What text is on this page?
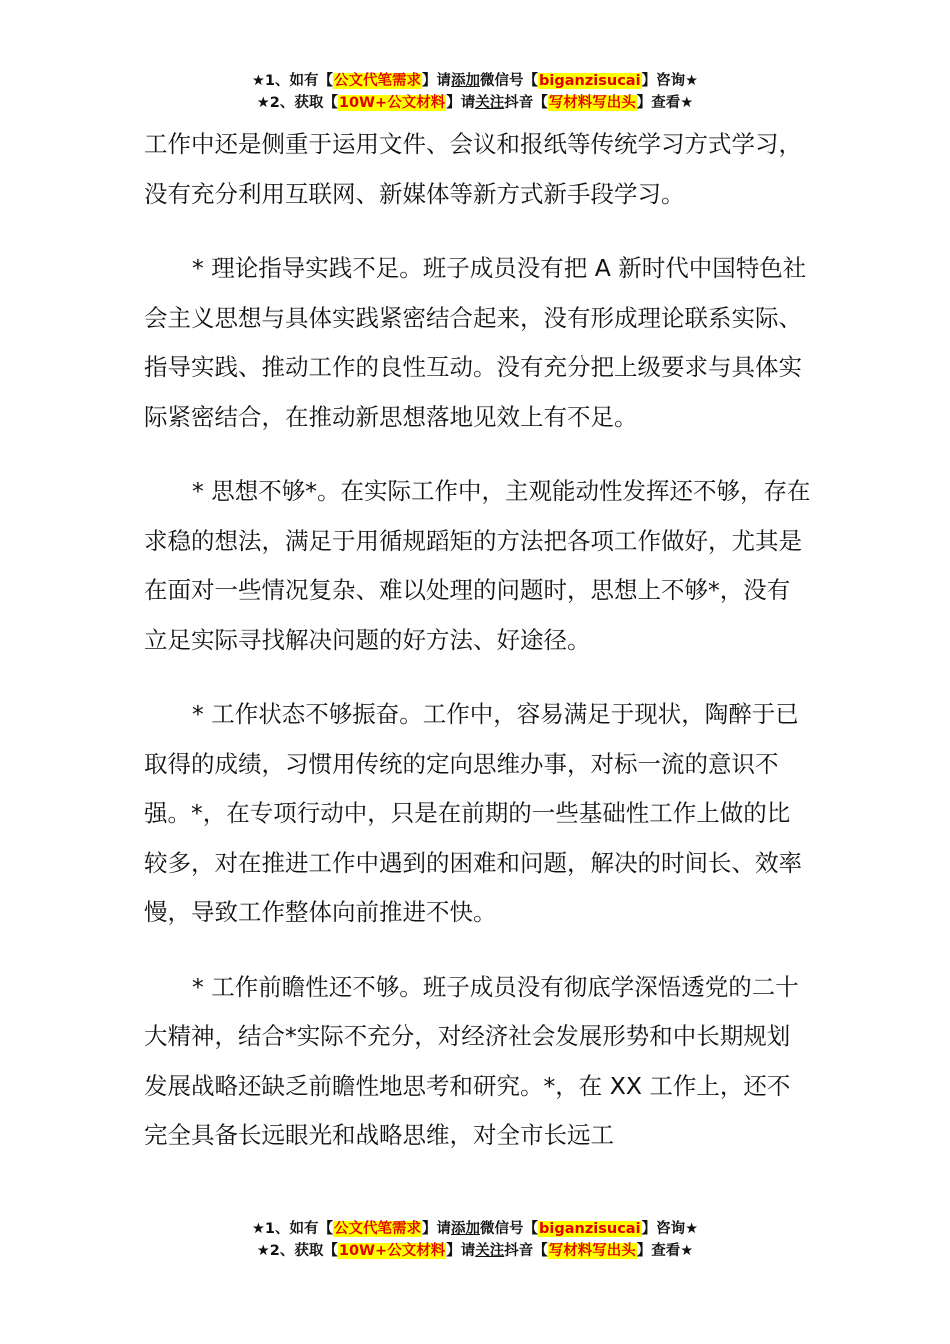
★1、如有【公文代笔需求】请添加微信号【biganzisucai】咨询★
★2、获取【10W+公文材料】请关注抖音【写材料写出头】查看★

工作中还是侧重于运用文件、会议和报纸等传统学习方式学习，没有充分利用互联网、新媒体等新方式新手段学习。

* 理论指导实践不足。班子成员没有把 A 新时代中国特色社会主义思想与具体实践紧密结合起来，没有形成理论联系实际、指导实践、推动工作的良性互动。没有充分把上级要求与具体实际紧密结合，在推动新思想落地见效上有不足。

* 思想不够*。在实际工作中，主观能动性发挥还不够，存在求稳的想法，满足于用循规蹈矩的方法把各项工作做好，尤其是在面对一些情况复杂、难以处理的问题时，思想上不够*，没有立足实际寻找解决问题的好方法、好途径。

* 工作状态不够振奋。工作中，容易满足于现状，陶醉于已取得的成绩，习惯用传统的定向思维办事，对标一流的意识不强。*，在专项行动中，只是在前期的一些基础性工作上做的比较多，对在推进工作中遇到的困难和问题，解决的时间长、效率慢，导致工作整体向前推进不快。

* 工作前瞻性还不够。班子成员没有彻底学深悟透党的二十大精神，结合*实际不充分，对经济社会发展形势和中长期规划发展战略还缺乏前瞻性地思考和研究。*，在 XX 工作上，还不完全具备长远眼光和战略思维，对全市长远工

★1、如有【公文代笔需求】请添加微信号【biganzisucai】咨询★
★2、获取【10W+公文材料】请关注抖音【写材料写出头】查看★
